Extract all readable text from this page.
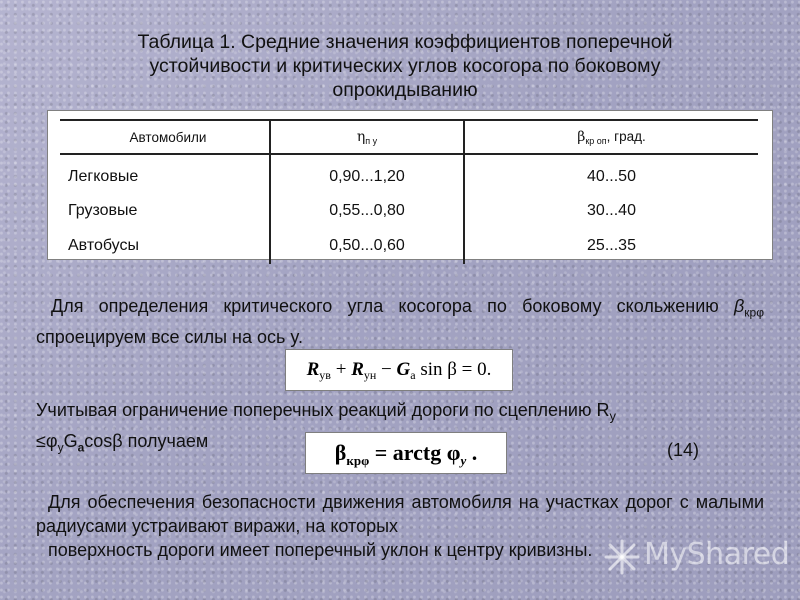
Таблица 1. Средние значения коэффициентов поперечной
устойчивости и критических углов косогора по боковому
опрокидыванию
Автомобили	$\eta_{п у}$	$\beta_{кр оп}$, град.
Легковые	0,90...1,20	40...50
Грузовые	0,55...0,80	30...40
Автобусы	0,50...0,60	25...35
Для определения критического угла косогора по боковому скольжению $\beta_{кр\varphi}$ спроецируем все силы на ось y.
$R_{ув} + R_{ун} - G_a$ sin β = 0.
Учитывая ограничение поперечных реакций дороги по сцеплению $R_y$
$\le\varphi_yG_a\cos\beta$ получаем	$\beta_{кр\varphi}$ = arctg $\varphi_y$ .	(14)
Для обеспечения безопасности движения автомобиля на участках дорог с малыми радиусами устраивают виражи, на которых
поверхность дороги имеет поперечный уклон к центру кривизны.	MyShared
